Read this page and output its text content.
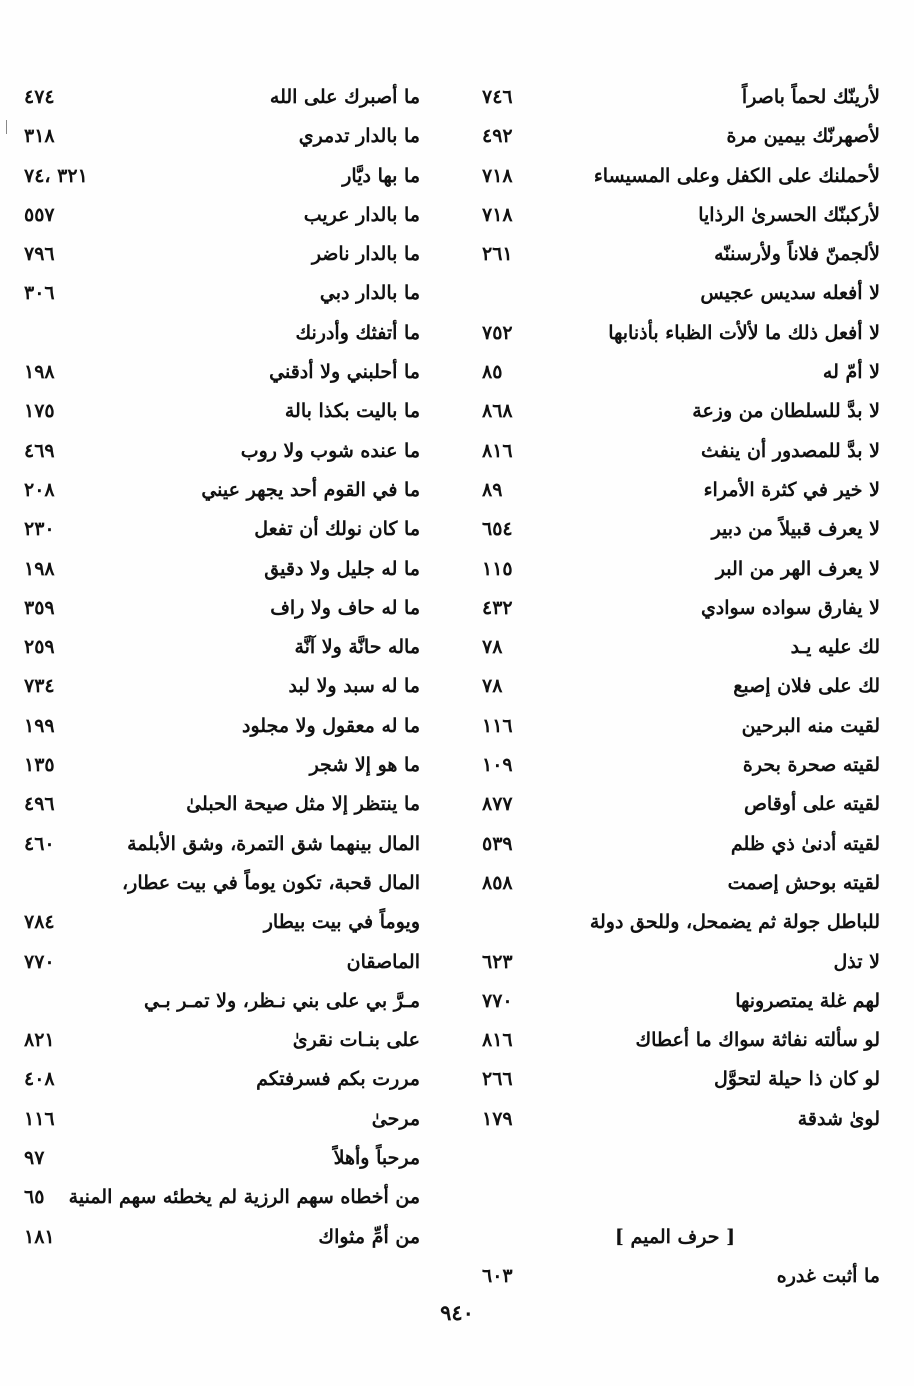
لأرينّك لحماً باصراً
٧٤٦
لأصهرنّك بيمين مرة
٤٩٢
لأحملنك على الكفل وعلى المسيساء
٧١٨
لأركبنّك الحسرىٰ الرذايا
٧١٨
لألجمنّ فلاناً ولأرسننّه
٢٦١
لا أفعله سديس عجيس
لا أفعل ذلك ما لألأت الظباء بأذنابها
٧٥٢
لا أمّ له
٨٥
لا بدَّ للسلطان من وزعة
٨٦٨
لا بدَّ للمصدور أن ينفث
٨١٦
لا خير في كثرة الأمراء
٨٩
لا يعرف قبيلاً من دبير
٦٥٤
لا يعرف الهر من البر
١١٥
لا يفارق سواده سوادي
٤٣٢
لك عليه يـد
٧٨
لك على فلان إصبع
٧٨
لقيت منه البرحين
١١٦
لقيته صحرة بحرة
١٠٩
لقيته على أوقاص
٨٧٧
لقيته أدنىٰ ذي ظلم
٥٣٩
لقيته بوحش إصمت
٨٥٨
للباطل جولة ثم يضمحل، وللحق دولة
لا تذل
٦٢٣
لهم غلة يمتصرونها
٧٧٠
لو سألته نفاثة سواك ما أعطاك
٨١٦
لو كان ذا حيلة لتحوَّل
٢٦٦
لوىٰ شدقة
١٧٩
[ حرف الميم ]
ما أثبت غدره
٦٠٣
ما أصبرك على الله
٤٧٤
ما بالدار تدمري
٣١٨
ما بها ديَّار
٣٢١ ،٧٤
ما بالدار عريب
٥٥٧
ما بالدار ناضر
٧٩٦
ما بالدار دبي
٣٠٦
ما أتفثك وأدرنك
ما أحلبني ولا أدقني
١٩٨
ما باليت بكذا بالة
١٧٥
ما عنده شوب ولا روب
٤٦٩
ما في القوم أحد يجهر عيني
٢٠٨
ما كان نولك أن تفعل
٢٣٠
ما له جليل ولا دقيق
١٩٨
ما له حاف ولا راف
٣٥٩
ماله حانَّة ولا آنَّة
٢٥٩
ما له سبد ولا لبد
٧٣٤
ما له معقول ولا مجلود
١٩٩
ما هو إلا شجر
١٣٥
ما ينتظر إلا مثل صيحة الحبلىٰ
٤٩٦
المال بينهما شق التمرة، وشق الأبلمة
٤٦٠
المال قحبة، تكون يوماً في بيت عطار،
ويوماً في بيت بيطار
٧٨٤
الماصقان
٧٧٠
مـرَّ بي على بني نـظر، ولا تمـر بـي
على بنـات نقرىٰ
٨٢١
مررت بكم فسرفتكم
٤٠٨
مرحىٰ
١١٦
مرحباً وأهلاً
٩٧
من أخطاه سهم الرزية لم يخطئه سهم المنية
٦٥
من أمِّ مثواك
١٨١
٩٤٠
